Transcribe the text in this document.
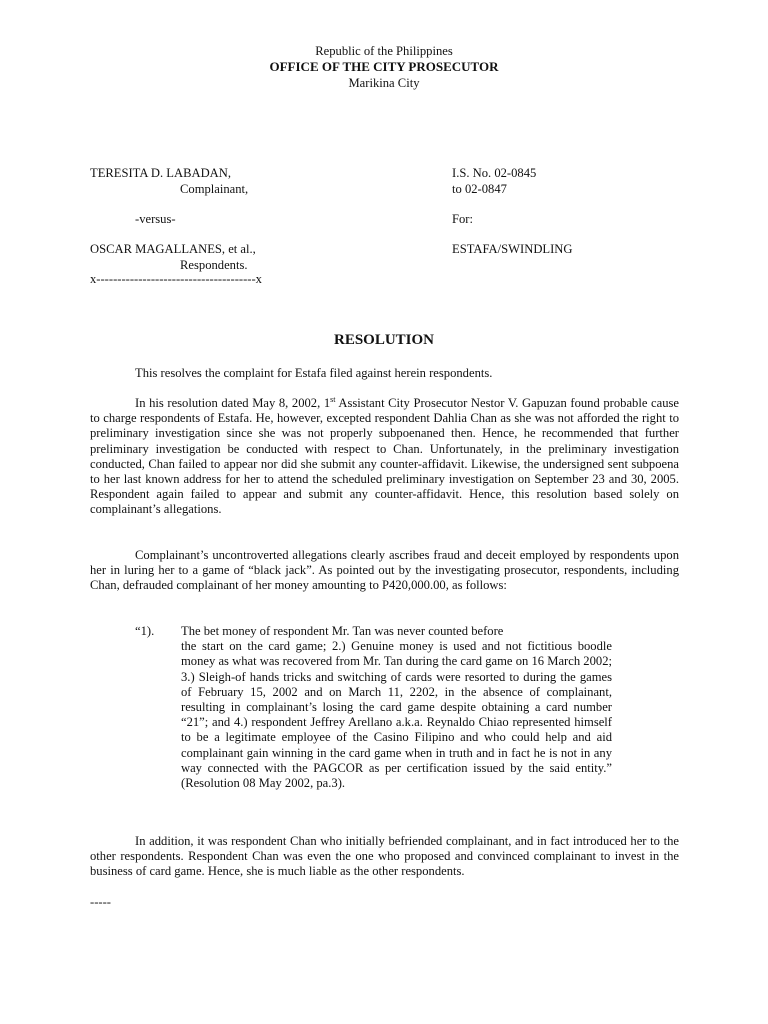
Republic of the Philippines
OFFICE OF THE CITY PROSECUTOR
Marikina City
TERESITA D. LABADAN,
Complainant,
-versus-
OSCAR MAGALLANES, et al.,
Respondents.
x--------------------------------------x
I.S. No. 02-0845
to 02-0847
For:
ESTAFA/SWINDLING
RESOLUTION
This resolves the complaint for Estafa filed against herein respondents.
In his resolution dated May 8, 2002, 1st Assistant City Prosecutor Nestor V. Gapuzan found probable cause to charge respondents of Estafa. He, however, excepted respondent Dahlia Chan as she was not afforded the right to preliminary investigation since she was not properly subpoenaned then. Hence, he recommended that further preliminary investigation be conducted with respect to Chan. Unfortunately, in the preliminary investigation conducted, Chan failed to appear nor did she submit any counter-affidavit. Likewise, the undersigned sent subpoena to her last known address for her to attend the scheduled preliminary investigation on September 23 and 30, 2005. Respondent again failed to appear and submit any counter-affidavit. Hence, this resolution based solely on complainant’s allegations.
Complainant’s uncontroverted allegations clearly ascribes fraud and deceit employed by respondents upon her in luring her to a game of “black jack”. As pointed out by the investigating prosecutor, respondents, including Chan, defrauded complainant of her money amounting to P420,000.00, as follows:
“1). The bet money of respondent Mr. Tan was never counted before
the start on the card game; 2.) Genuine money is used and not fictitious boodle money as what was recovered from Mr. Tan during the card game on 16 March 2002; 3.) Sleigh-of hands tricks and switching of cards were resorted to during the games of February 15, 2002 and on March 11, 2202, in the absence of complainant, resulting in complainant’s losing the card game despite obtaining a card number “21”; and 4.) respondent Jeffrey Arellano a.k.a. Reynaldo Chiao represented himself to be a legitimate employee of the Casino Filipino and who could help and aid complainant gain winning in the card game when in truth and in fact he is not in any way connected with the PAGCOR as per certification issued by the said entity.” (Resolution 08 May 2002, pa.3).
In addition, it was respondent Chan who initially befriended complainant, and in fact introduced her to the other respondents. Respondent Chan was even the one who proposed and convinced complainant to invest in the business of card game. Hence, she is much liable as the other respondents.
-----
